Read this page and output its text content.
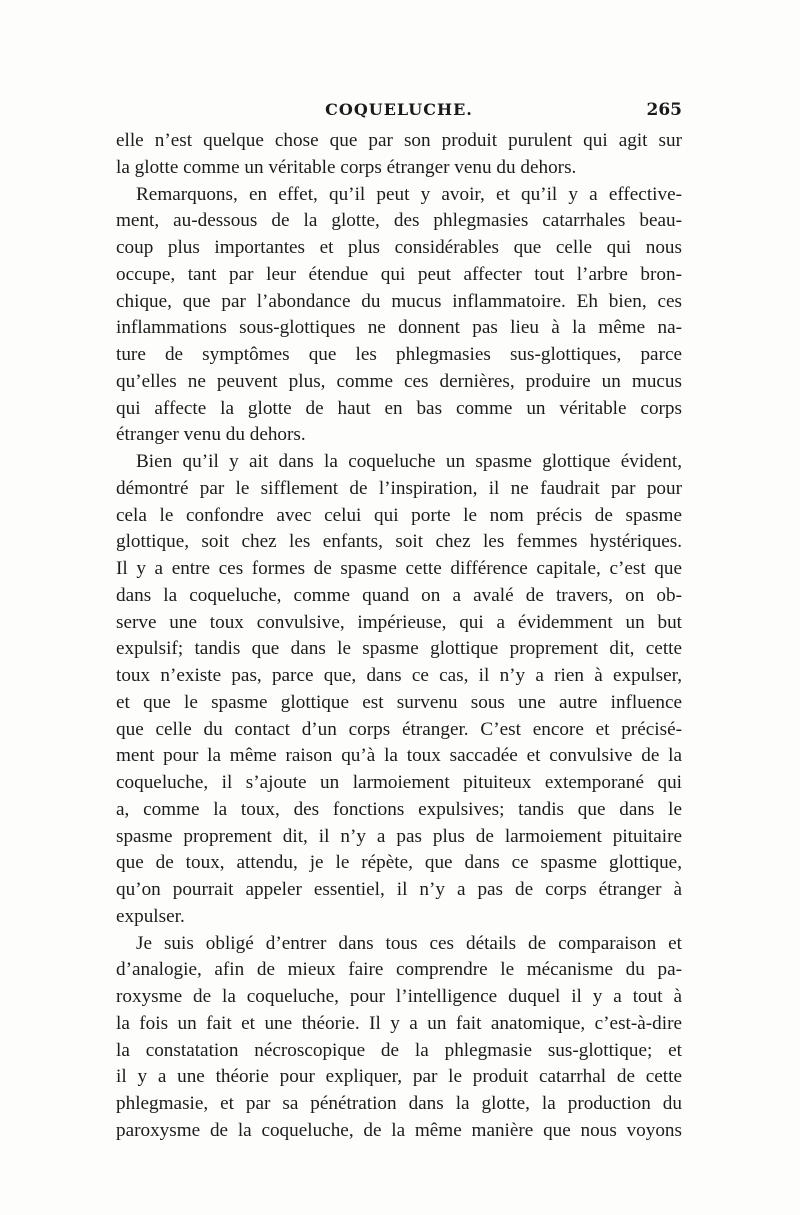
COQUELUCHE.	265
elle n’est quelque chose que par son produit purulent qui agit sur
la glotte comme un véritable corps étranger venu du dehors.
Remarquons, en effet, qu’il peut y avoir, et qu’il y a effective-
ment, au-dessous de la glotte, des phlegmasies catarrhales beau-
coup plus importantes et plus considérables que celle qui nous
occupe, tant par leur étendue qui peut affecter tout l’arbre bron-
chique, que par l’abondance du mucus inflammatoire. Eh bien, ces
inflammations sous-glottiques ne donnent pas lieu à la même na-
ture de symptômes que les phlegmasies sus-glottiques, parce
qu’elles ne peuvent plus, comme ces dernières, produire un mucus
qui affecte la glotte de haut en bas comme un véritable corps
étranger venu du dehors.
Bien qu’il y ait dans la coqueluche un spasme glottique évident,
démontré par le sifflement de l’inspiration, il ne faudrait par pour
cela le confondre avec celui qui porte le nom précis de spasme
glottique, soit chez les enfants, soit chez les femmes hystériques.
Il y a entre ces formes de spasme cette différence capitale, c’est que
dans la coqueluche, comme quand on a avalé de travers, on ob-
serve une toux convulsive, impérieuse, qui a évidemment un but
expulsif; tandis que dans le spasme glottique proprement dit, cette
toux n’existe pas, parce que, dans ce cas, il n’y a rien à expulser,
et que le spasme glottique est survenu sous une autre influence
que celle du contact d’un corps étranger. C’est encore et précisé-
ment pour la même raison qu’à la toux saccadée et convulsive de la
coqueluche, il s’ajoute un larmoiement pituiteux extemporané qui
a, comme la toux, des fonctions expulsives; tandis que dans le
spasme proprement dit, il n’y a pas plus de larmoiement pituitaire
que de toux, attendu, je le répète, que dans ce spasme glottique,
qu’on pourrait appeler essentiel, il n’y a pas de corps étranger à
expulser.
Je suis obligé d’entrer dans tous ces détails de comparaison et
d’analogie, afin de mieux faire comprendre le mécanisme du pa-
roxysme de la coqueluche, pour l’intelligence duquel il y a tout à
la fois un fait et une théorie. Il y a un fait anatomique, c’est-à-dire
la constatation nécroscopique de la phlegmasie sus-glottique; et
il y a une théorie pour expliquer, par le produit catarrhal de cette
phlegmasie, et par sa pénétration dans la glotte, la production du
paroxysme de la coqueluche, de la même manière que nous voyons
